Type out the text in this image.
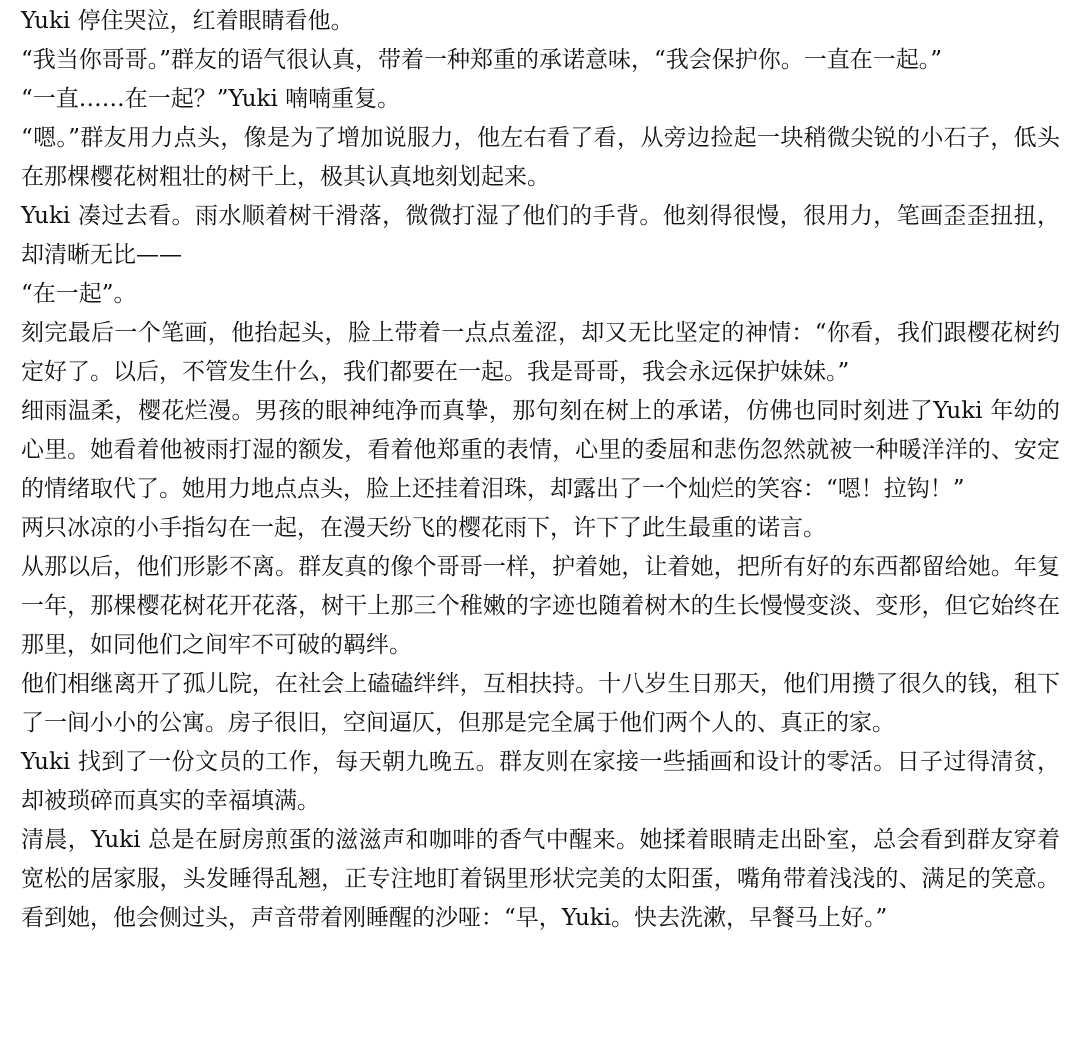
Yuki 停住哭泣，红着眼睛看他。

“我当你哥哥。”群友的语气很认真，带着一种郑重的承诺意味，“我会保护你。一直在一起。”

“一直……在一起？”Yuki 喃喃重复。

“嗯。”群友用力点头，像是为了增加说服力，他左右看了看，从旁边捡起一块稍微尖锐的小石子，低头在那棵樱花树粗壮的树干上，极其认真地刻划起来。

Yuki 凑过去看。雨水顺着树干滑落，微微打湿了他们的手背。他刻得很慢，很用力，笔画歪歪扭扭，却清晰无比——

“在一起”。

刻完最后一个笔画，他抬起头，脸上带着一点点羞涩，却又无比坚定的神情：“你看，我们跟樱花树约定好了。以后，不管发生什么，我们都要在一起。我是哥哥，我会永远保护妹妹。”

细雨温柔，樱花烂漫。男孩的眼神纯净而真挚，那句刻在树上的承诺，仿佛也同时刻进了Yuki 年幼的心里。她看着他被雨打湿的额发，看着他郑重的表情，心里的委屈和悲伤忽然就被一种暖洋洋的、安定的情绪取代了。她用力地点点头，脸上还挂着泪珠，却露出了一个灿烂的笑容：“嗯！拉钩！”

两只冰凉的小手指勾在一起，在漫天纷飞的樱花雨下，许下了此生最重的诺言。

从那以后，他们形影不离。群友真的像个哥哥一样，护着她，让着她，把所有好的东西都留给她。年复一年，那棵樱花树花开花落，树干上那三个稚嫩的字迹也随着树木的生长慢慢变淡、变形，但它始终在那里，如同他们之间牢不可破的羁绊。

他们相继离开了孤儿院，在社会上磕磕绊绊，互相扶持。十八岁生日那天，他们用攒了很久的钱，租下了一间小小的公寓。房子很旧，空间逼仄，但那是完全属于他们两个人的、真正的家。

Yuki 找到了一份文员的工作，每天朝九晚五。群友则在家接一些插画和设计的零活。日子过得清贫，却被琐碎而真实的幸福填满。

清晨，Yuki 总是在厨房煎蛋的滋滋声和咖啡的香气中醒来。她揉着眼睛走出卧室，总会看到群友穿着宽松的居家服，头发睡得乱翘，正专注地盯着锅里形状完美的太阳蛋，嘴角带着浅浅的、满足的笑意。看到她，他会侧过头，声音带着刚睡醒的沙哑：“早，Yuki。快去洗漱，早餐马上好。”
